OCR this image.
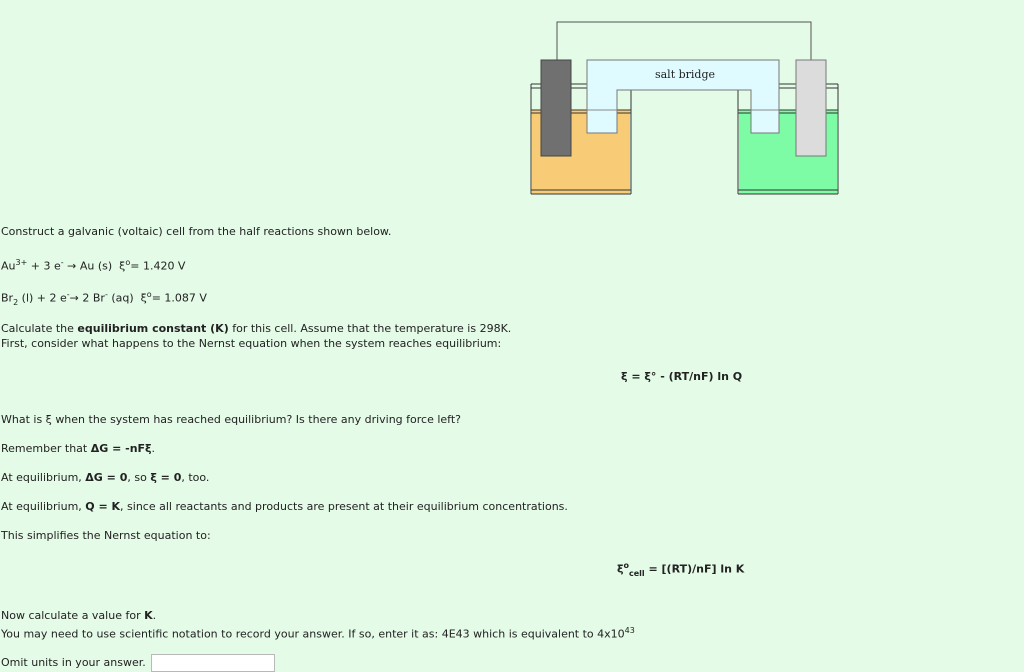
salt bridge
Construct a galvanic (voltaic) cell from the half reactions shown below.
$Au^{3+} + 3$ e- → Au (s)  $\xi^o= 1.420$ V
$Br_2$ (l) + 2 e-→ 2 Br- (aq)  $\xi^o= 1.087$ V
Calculate the equilibrium constant (K) for this cell. Assume that the temperature is 298K.
First, consider what happens to the Nernst equation when the system reaches equilibrium:
ξ = ξ° - (RT/nF) ln Q
What is ξ when the system has reached equilibrium? Is there any driving force left?
Remember that ΔG = -nFξ.
At equilibrium, ΔG = 0, so ξ = 0, too.
At equilibrium, Q = K, since all reactants and products are present at their equilibrium concentrations.
This simplifies the Nernst equation to:
$\xi^o_{cell} = [(RT)/nF]$ ln K
Now calculate a value for K.
You may need to use scientific notation to record your answer. If so, enter it as: 4E43 which is equivalent to $4x10^{43}$
Omit units in your answer.
